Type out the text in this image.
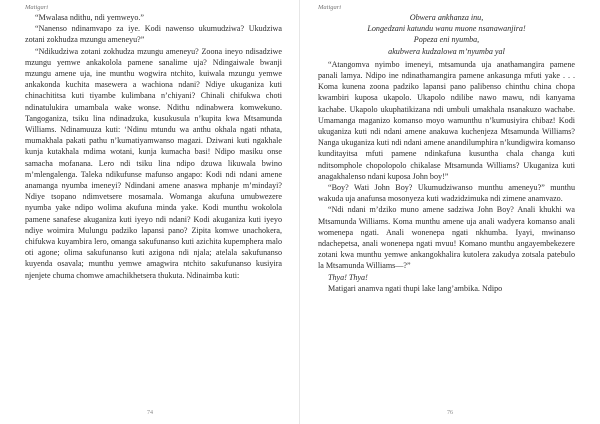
Matigari

“Mwalasa ndithu, ndi yemweyo.”

“Nanenso ndinamvapo za iye. Kodi nawenso ukumudziwa? Ukudziwa zotani zokhudza mzungu ameneyu?”

“Ndikudziwa zotani zokhudza mzungu ameneyu? Zoona ineyo ndisadziwe mzungu yemwe ankakolola pamene sanalime uja? Ndingaiwale bwanji mzungu amene uja, ine munthu wogwira ntchito, kuiwala mzungu yemwe ankakonda kuchita masewera a wachiona ndani? Ndiye ukuganiza kuti chinachititsa kuti tiyambe kulimbana n’chiyani? Chinali chifukwa choti ndinatulukira umambala wake wonse. Ndithu ndinabwera komwekuno. Tangoganiza, tsiku lina ndinadzuka, kusukusula n’kupita kwa Mtsamunda Williams. Ndinamuuza kuti: ‘Ndinu mtundu wa anthu okhala ngati nthata, mumakhala pakati pathu n’kumatiyamwanso magazi. Dziwani kuti ngakhale kunja kutakhala mdima wotani, kunja kumacha basi! Ndipo masiku onse samacha mofanana. Lero ndi tsiku lina ndipo dzuwa likuwala bwino m’mlengalenga. Taleka ndikufunse mafunso angapo: Kodi ndi ndani amene anamanga nyumba imeneyi? Ndindani amene anaswa mphanje m’mindayi? Ndiye tsopano ndimvetsere mosamala. Womanga akufuna umubwezere nyumba yake ndipo wolima akufuna minda yake. Kodi munthu wokolola pamene sanafese akuganiza kuti iyeyo ndi ndani? Kodi akuganiza kuti iyeyo ndiye woimira Mulungu padziko lapansi pano? Zipita komwe unachokera, chifukwa kuyambira lero, omanga sakufunanso kuti azichita kupemphera malo oti agone; olima sakufunanso kuti azigona ndi njala; atelala sakufunanso kuyenda osavala; munthu yemwe amagwira ntchito sakufunanso kusiyira njenjete chuma chomwe amachikhetsera thukuta. Ndinaimba kuti:

74
Matigari
Obwera ankhanza inu,
Longedzani katundu wanu muone nsanawanjira!
Popeza eni nyumba,
akubwera kudzalowa m’nyumba yal

“Atangomva nyimbo imeneyi, mtsamunda uja anathamangira pamene panali lamya. Ndipo ine ndinathamangira pamene ankasunga mfuti yake . . . Koma kunena zoona padziko lapansi pano palibenso chinthu china chopa kwambiri kuposa ukapolo. Ukapolo ndilibe nawo mawu, ndi kanyama kachabe. Ukapolo ukuphatikizana ndi umbuli umakhala nsanakuzo wachabe. Umamanga maganizo komanso moyo wamunthu n’kumusiyira chibaz! Kodi ukuganiza kuti ndi ndani amene anakuwa kuchenjeza Mtsamunda Williams? Nanga ukuganiza kuti ndi ndani amene anandilumphira n’kundigwira komanso kunditayitsa mfuti pamene ndinkafuna kusuntha chala changa kuti nditsomphole chopolopolo chikalase Mtsamunda Williams? Ukuganiza kuti anagakhalenso ndani kuposa John boy!”

“Boy? Wati John Boy? Ukumudziwanso munthu ameneyu?” munthu wakuda uja anafunsa mosonyeza kuti wadzidzimuka ndi zimene anamvazo.

“Ndi ndani m’dziko muno amene sadziwa John Boy? Anali khukhi wa Mtsamunda Williams. Koma munthu amene uja anali wadyera komanso anali womenepa ngati. Anali wonenepa ngati nkhumba. Iyayi, mwinanso ndachepetsa, anali wonenepa ngati mvuu! Komano munthu angayembekezere zotani kwa munthu yemwe ankangokhalira kutolera zakudya zotsala patebulo la Mtsamunda Williams—?”

Thya! Thya!

Matigari anamva ngati thupi lake lang’ambika. Ndipo

76
